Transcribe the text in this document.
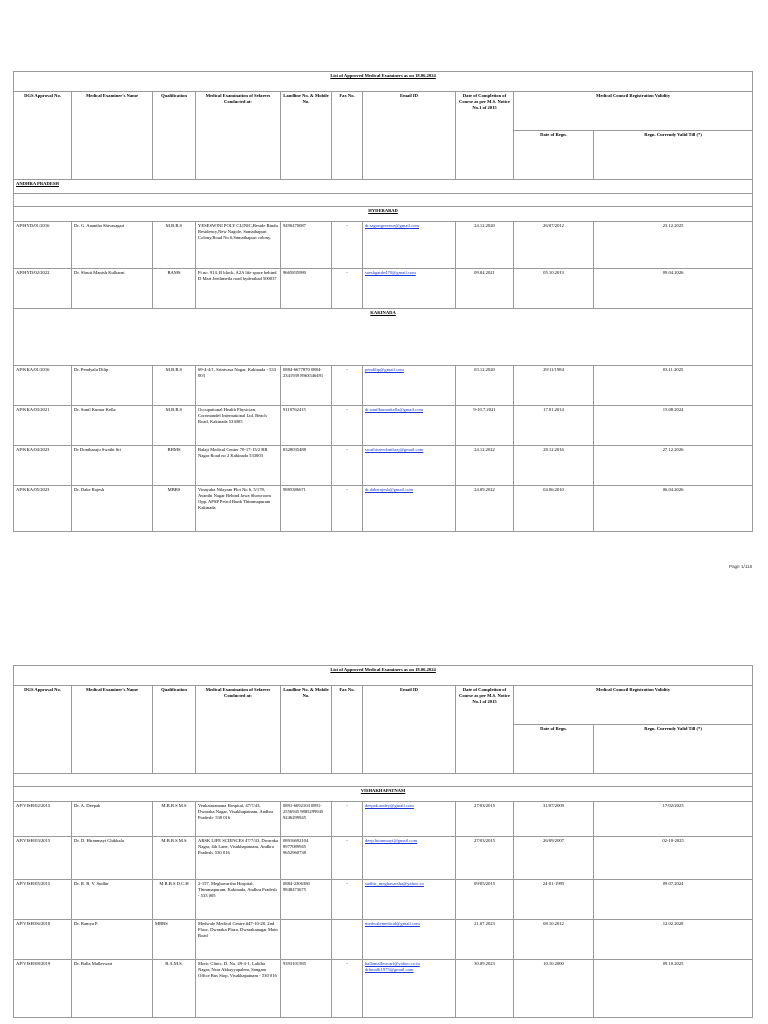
Page 1/116
List of Approved Medical Examiners as on 18.06.2024									
DGS Approval No.	Medical Examiner's Name	Qualification	Medical Examination of Sefarers Conducted at:	Landline No. & Mobile No.	Fax No.	Email ID	Date of Completion of Course as per M.S. Notice No.1 of 2015	Medical Council Registration Validity	
								Date of Regn.	Regn. Currendy Valid Till (*)
ANDHRA PRADESH									

HYDERABAD									
AP/HYD/01/2016	Dr. G. Anantha Shivasagari	M.B.B.S	YESESWINI POLY CLINIC,Beside Bindu Residency,New Nagole, Samathapuri Colony,Road No.6,Samathapuri colony,	9490470087	-	dr.sagarigreatwe@gmail.com	24.12.2020	26/07/2012	23.12.2025
AP/HYD/02/2022	Dr. Shruti Manish Kulkarni	BAMS	Ft no. 914, B block, A2A life space behind D Mart Jeedimetla road hyderabad 500037	9665835980	-	saeshgarde470@gmail.com	09.04.2021	05.10.2013	09.04.2026
KAKINADA									
AP/KKA/01/2016	Dr. Pendyala Dilip	M.B.B.S	69-4-4/1, Srinivasa Nagar, Kakinada - 533 003	0884-6677870 0884-2341939 8963546491	-	pendilip@gmail.com	03.12.2020	29/11/1984	03.11.2025
AP/KKA/03/2021	Dr. Sunil Kumar Kella	M.B.B.S	Occupational Health Physician. Coromandel International Ltd, Beach Road, Kakinada 533005	9110762415	-	dr.sunilkumarkella@gmail.com	9-10.7.2021	17.01.2014	15.08.2024
AP/KKA/04/2023	Dr Dontharaju Swathi Sri	BHMS	Balaji Medical Center 70-17-15/2 RR Nagar Road no 2 Kakinada 533003	8328035488	-	swathisreedonthraj@gmail.com	24.12.2022	28.12.2016	27.12.2026
AP/KKA/05/2023	Dr. Dake Rajesh	MBBS	Vinayaka Nilayam Plot No 6, 5/178, Avanthi Nagar Behind Jawa Showroom Opp. APSP Petrol Bunk Thimmapuram Kakinada	9885386671	-	dr.dakerajesh@gmail.com	24.09.2022	04.06.2010	06.04.2026
List of Approved Medical Examiners as on 18.06.2024									
DGS Approval No.	Medical Examiner's Name	Qualification	Medical Examination of Sefarers Conducted at:	Landline No. & Mobile No.	Fax No.	Email ID	Date of Completion of Course as per M.S. Notice No.1 of 2015	Medical Council Registration Validity	
								Date of Regn.	Regn. Currendy Valid Till (*)

VISHAKHAPATNAM									
AP/VISH/02/2015	Dr. A. Deepak	M.B.B.S M.S	Venkataramana Hospital, 47/7/43, Dwaraka Nagar, Visakhapatnam, Andhra Pradesh- 530 016	0891-6692104 0891-2556945 9885299945 9246299945	-	deepak.andey@gmail.com	27/03/2015	31/07/2009	17/02/2025
AP/VISH/03/2015	Dr. D. Hiranmayi Chikkala	M.B.B.S M.S	ARSK LIFE SCIENCES 47/7/43, Dwaraka Nagar, 4th Lane, Visakhapatnam, Andhra Pradesh, 530 016	08916692104 8977089945 9652960738	-	deep.hiranmayi@gmail.com	27/03/2015	26/09/2007	02-10-2025
AP/VISH/05/2015	Dr. R. B. V. Sudhir	M.B.B.S D.C.H	2-157, Meghavarsha Hospital, Thimmapuram, Kakinada, Andhra Pradesh - 533 005	0884-2306380 9848473675	-	sudhir_meghavarsha@yahoo.co	09/05/2015	24-01-1995	09.07.2024
AP/VISH/06/2018	Dr. Ramya P.	MBBS	Medwale Medical Centre,#47-10-28, 2nd Floor, Dwaraka Plaza, Dwarakanagar Main Road			medwalemedical@gmail.com	21.07.2023	08.10.2012	12.02.2028
AP/VISH/08/2019	Dr. Balla Malleswari	B.A.M.S.	Moric Clinic, D. No. 49-4-1, Lalitha Nagar, Near Akkayyapalem, Sangam Office Bus Stop, Visakhapatnam - 530 016	9393101585	-	ballamalleswari@yahoo.co.in drbmalli1975@gmail.com	30.09.2023	10.10.2000	09.10.2025
